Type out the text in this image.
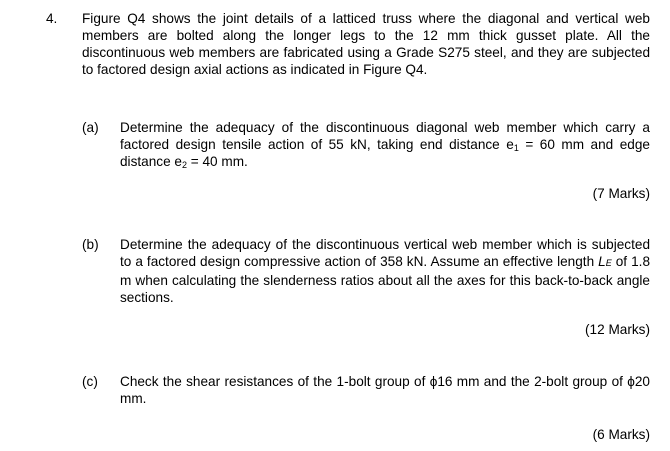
4. Figure Q4 shows the joint details of a latticed truss where the diagonal and vertical web members are bolted along the longer legs to the 12 mm thick gusset plate. All the discontinuous web members are fabricated using a Grade S275 steel, and they are subjected to factored design axial actions as indicated in Figure Q4.
(a) Determine the adequacy of the discontinuous diagonal web member which carry a factored design tensile action of 55 kN, taking end distance $e_1 = 60$ mm and edge distance $e_2 = 40$ mm.
(7 Marks)
(b) Determine the adequacy of the discontinuous vertical web member which is subjected to a factored design compressive action of 358 kN. Assume an effective length LE of 1.8 m when calculating the slenderness ratios about all the axes for this back-to-back angle sections.
(12 Marks)
(c) Check the shear resistances of the 1-bolt group of ϕ16 mm and the 2-bolt group of ϕ20 mm.
(6 Marks)
